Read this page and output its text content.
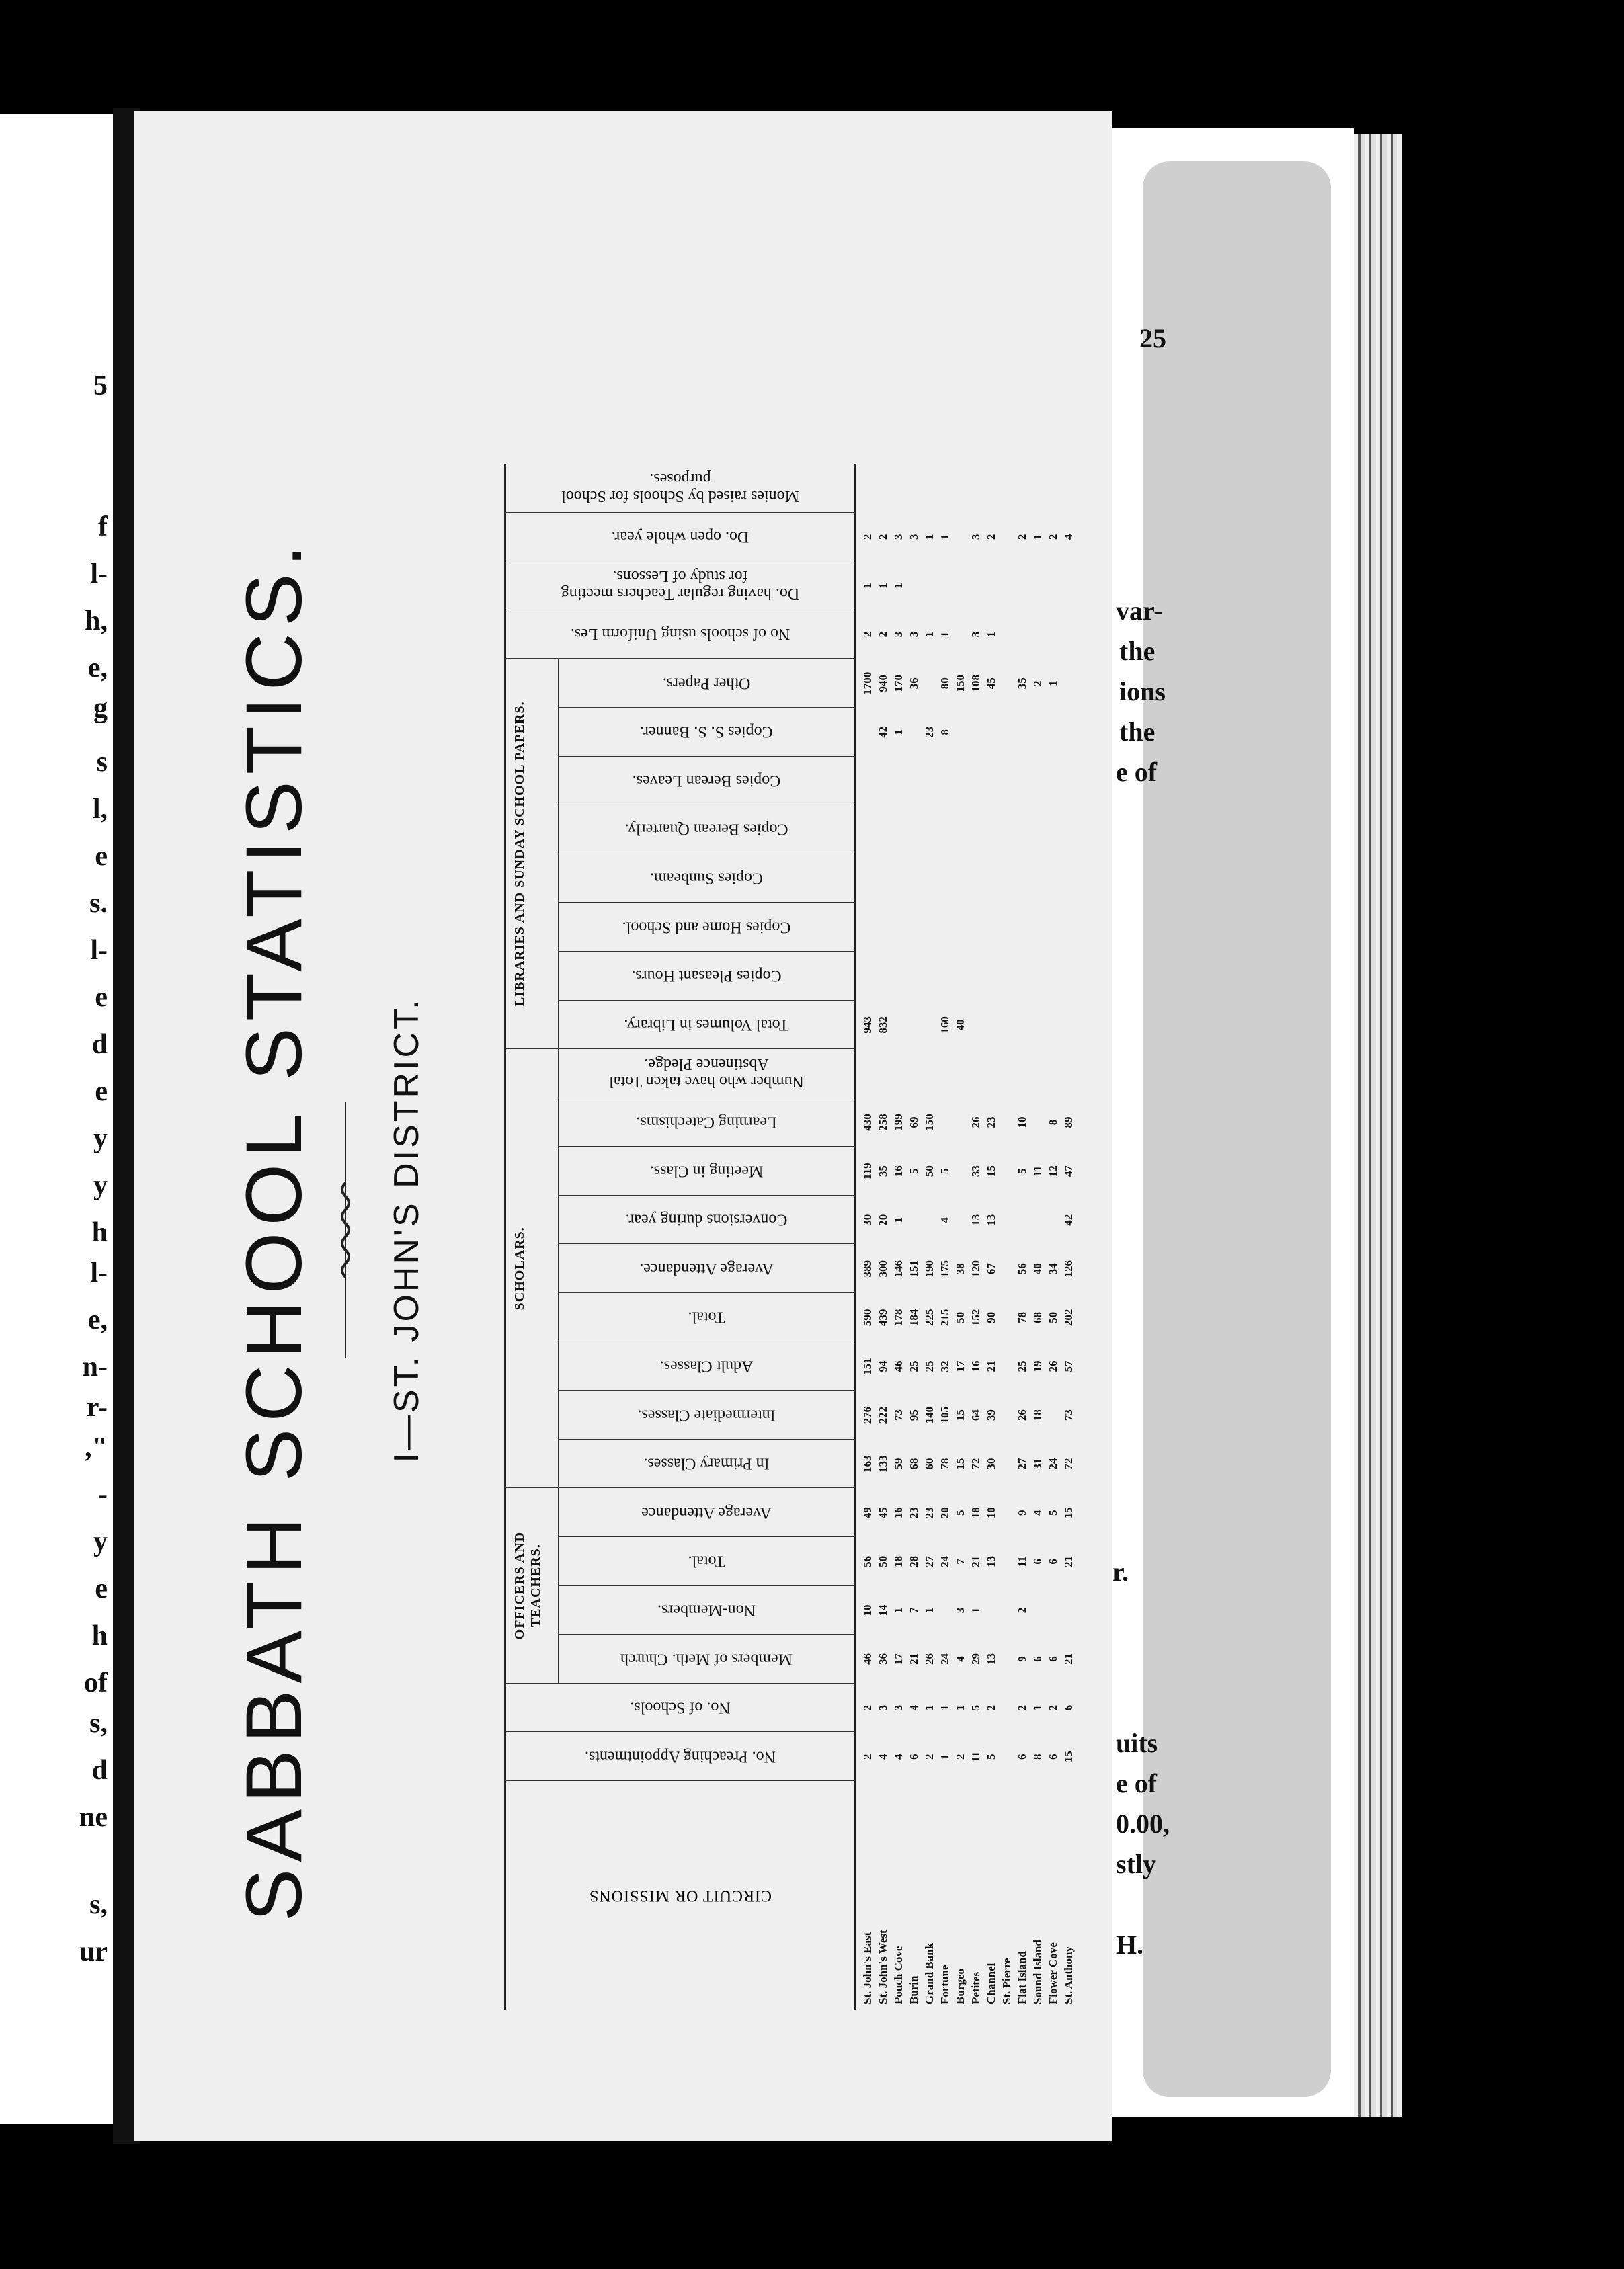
5
f
l-
h,
e,
g
s
l,
e
s.
l-
e
d
e
y
y
h
l-
e,
n-
r-
,"
-
y
e
h
of
s,
d
ne
s,
ur
25
var-
the
ions
the
e of
r.
uits
e of
0.00,
stly
H.
SABBATH SCHOOL STATISTICS. I—ST. JOHN'S DISTRICT.
CIRCUIT OR MISSIONS
No. Preaching Appointments.
No. of Schools.
Members of Meth. Church
Non-Members.
Total.
Average Attendance
In Primary Classes.
Intermediate Classes.
Adult Classes.
Total.
Average Attendance.
Conversions during year.
Meeting in Class.
Learning Catechisms.
Number who have taken Total Abstinence Pledge.
Total Volumes in Library.
Copies Pleasant Hours.
Copies Home and School.
Copies Sunbeam.
Copies Berean Quarterly.
Copies Berean Leaves.
Copies S. S. Banner.
Other Papers.
No of schools using Uniform Les.
Do. having regular Teachers meeting for study of Lessons.
Do. open whole year.
Monies raised by Schools for School purposes.
OFFICERS AND TEACHERS.
SCHOLARS.
LIBRARIES AND SUNDAY SCHOOL PAPERS.
St. John's East
2
2
46
10
56
49
163
276
151
590
389
30
119
430
943
1700
2
1
2
St. John's West
4
3
36
14
50
45
133
222
94
439
300
20
35
258
832
42
940
2
1
2
Pouch Cove
4
3
17
1
18
16
59
73
46
178
146
1
16
199
1
170
3
1
3
Burin
6
4
21
7
28
23
68
95
25
184
151
5
69
36
3
3
Grand Bank
2
1
26
1
27
23
60
140
25
225
190
50
150
23
1
1
Fortune
1
1
24
24
20
78
105
32
215
175
4
5
160
8
80
1
1
Burgeo
2
1
4
3
7
5
15
15
17
50
38
40
150
Petites
11
5
29
1
21
18
72
64
16
152
120
13
33
26
108
3
3
Channel
5
2
13
13
10
30
39
21
90
67
13
15
23
45
1
2
St. Pierre Flat Island
6
2
9
2
11
9
27
26
25
78
56
5
10
35
2
Sound Island
8
1
6
6
4
31
18
19
68
40
11
2
1
Flower Cove
6
2
6
6
5
24
26
50
34
12
8
1
2
St. Anthony
15
6
21
21
15
72
73
57
202
126
42
47
89
4
